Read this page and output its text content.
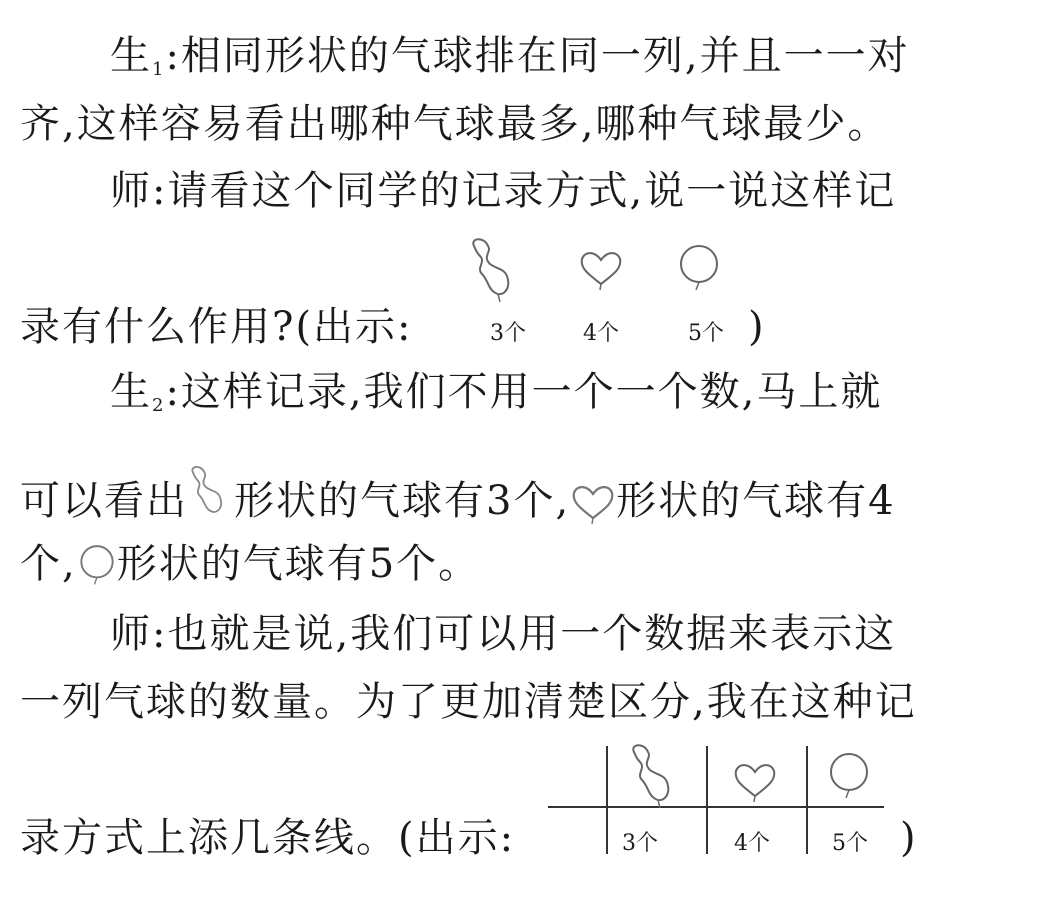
生$_1$:相同形状的气球排在同一列,并且一一对
齐,这样容易看出哪种气球最多,哪种气球最少。
师:请看这个同学的记录方式,说一说这样记
录有什么作用?(出示:	3个	4个	5个 )
生$_2$:这样记录,我们不用一个一个数,马上就
可以看出 形状的气球有3个, 形状的气球有4
个, 形状的气球有5个。
师:也就是说,我们可以用一个数据来表示这
一列气球的数量。为了更加清楚区分,我在这种记
录方式上添几条线。(出示:	3个	4个	5个 )
